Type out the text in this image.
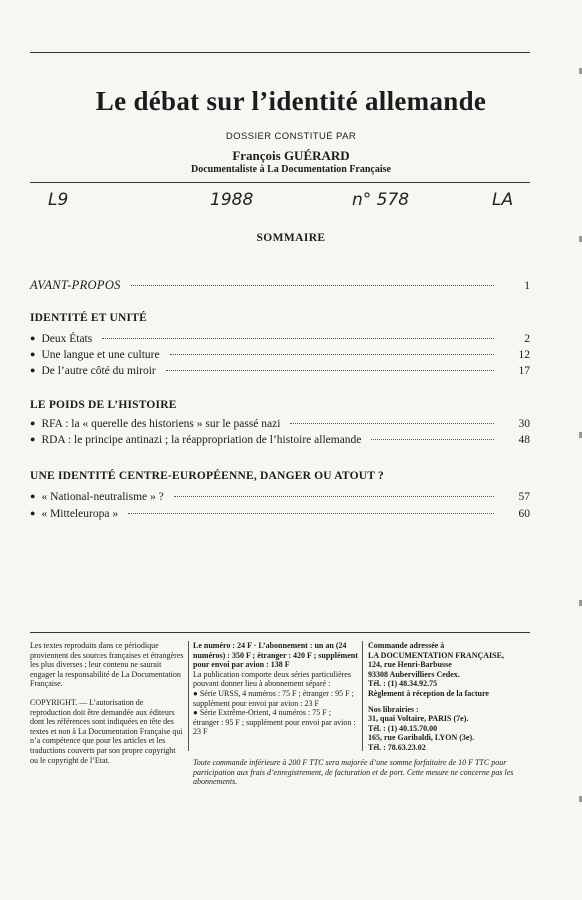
Le débat sur l’identité allemande
DOSSIER CONSTITUÉ PAR
François GUÉRARD
Documentaliste à La Documentation Française
L9	1988	n° 578	LA
SOMMAIRE
AVANT-PROPOS	1
IDENTITÉ ET UNITÉ
● Deux États	2
● Une langue et une culture	12
● De l’autre côté du miroir	17
LE POIDS DE L’HISTOIRE
● RFA : la « querelle des historiens » sur le passé nazi	30
● RDA : le principe antinazi ; la réappropriation de l’histoire allemande	48
UNE IDENTITÉ CENTRE-EUROPÉENNE, DANGER OU ATOUT ?
● « National-neutralisme » ?	57
● « Mitteleuropa »	60

Les textes reproduits dans ce périodique proviennent des sources françaises et étrangères les plus diverses ; leur contenu ne saurait engager la responsabilité de La Documentation Française.

COPYRIGHT. — L’autorisation de reproduction doit être demandée aux éditeurs dont les références sont indiquées en tête des textes et non à La Documentation Française qui n’a compétence que pour les articles et les traductions couverts par son propre copyright ou le copyright de l’Etat.

Le numéro : 24 F · L’abonnement : un an (24 numéros) : 350 F ; étranger : 420 F ; supplément pour envoi par avion : 138 F
La publication comporte deux séries particulières pouvant donner lieu à abonnement séparé :
● Série URSS, 4 numéros : 75 F ; étranger : 95 F ; supplément pour envoi par avion : 23 F
● Série Extrême-Orient, 4 numéros : 75 F ; étranger : 95 F ; supplément pour envoi par avion : 23 F
Commande adressée à
LA DOCUMENTATION FRANÇAISE,
124, rue Henri-Barbusse
93308 Aubervilliers Cedex.
Tél. : (1) 48.34.92.75
Règlement à réception de la facture
Nos librairies :
31, quai Voltaire, PARIS (7e).
Tél. : (1) 40.15.70.00
165, rue Garibaldi, LYON (3e).
Tél. : 78.63.23.02
Toute commande inférieure à 200 F TTC sera majorée d’une somme forfaitaire de 10 F TTC pour participation aux frais d’enregistrement, de facturation et de port. Cette mesure ne concerne pas les abonnements.
